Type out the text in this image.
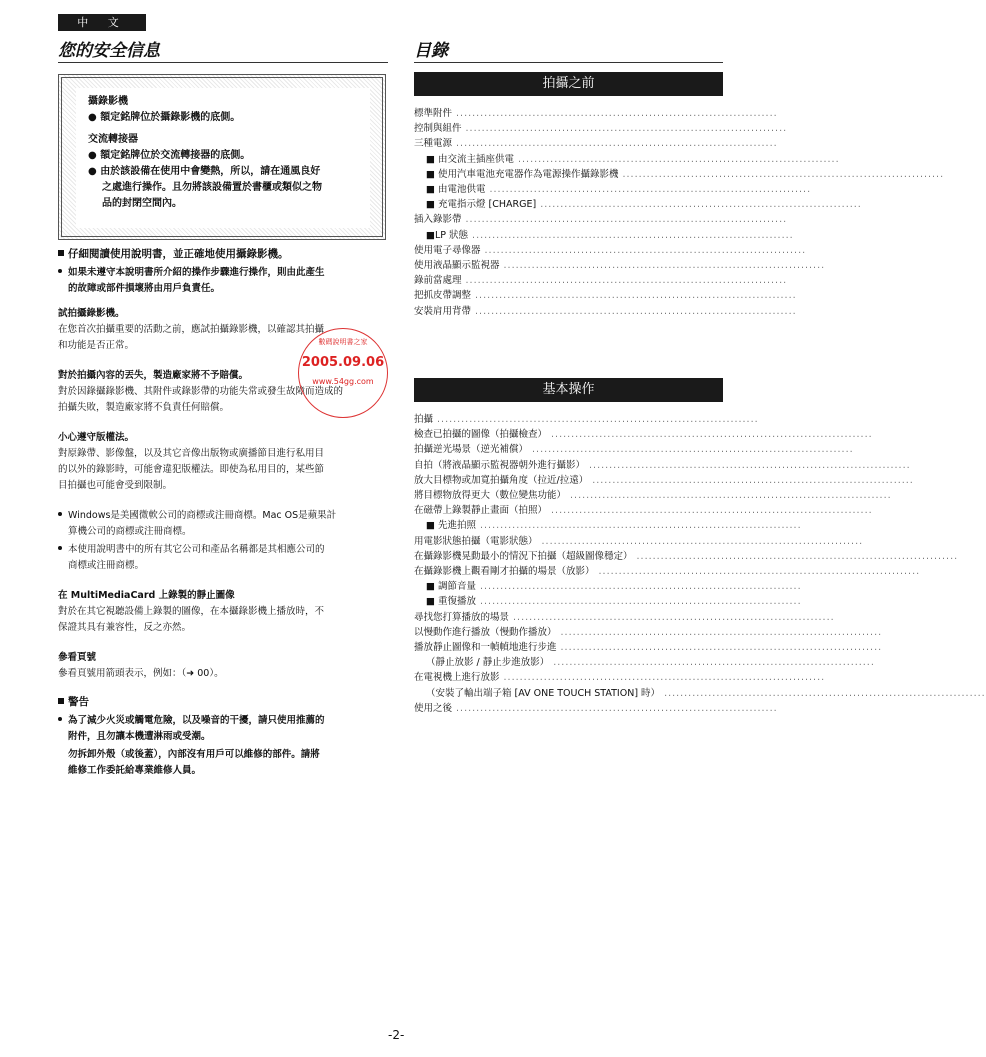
中 文
您的安全信息
攝錄影機
● 額定銘牌位於攝錄影機的底側。
交流轉接器
● 額定銘牌位於交流轉接器的底側。
● 由於該設備在使用中會變熱，所以，請在通風良好
之處進行操作。且勿將該設備置於書櫃或類似之物
品的封閉空間內。
仔細閱讀使用說明書，並正確地使用攝錄影機。
如果未遵守本說明書所介紹的操作步驟進行操作，則由此產生
的故障或部件損壞將由用戶負責任。
試拍攝錄影機。
在您首次拍攝重要的活動之前，應試拍攝錄影機，以確認其拍攝
和功能是否正常。
對於拍攝內容的丟失，製造廠家將不予賠償。
對於因錄攝錄影機、其附件或錄影帶的功能失常或發生故障而造成的
拍攝失敗，製造廠家將不負責任何賠償。
小心遵守版權法。
對原錄帶、影像盤，以及其它音像出版物或廣播節目進行私用目
的以外的錄影時，可能會違犯版權法。即使為私用目的，某些節
目拍攝也可能會受到限制。
Windows是美國微軟公司的商標或注冊商標。Mac OS是蘋果計
算機公司的商標或注冊商標。
本使用說明書中的所有其它公司和產品名稱都是其相應公司的
商標或注冊商標。
在 MultiMediaCard 上錄製的靜止圖像
對於在其它視聽設備上錄製的圖像，在本攝錄影機上播放時，不
保證其具有兼容性，反之亦然。
參看頁號
參看頁號用箭頭表示，例如：（➜ 00）。
警告
為了減少火災或觸電危險，以及噪音的干擾，請只使用推薦的
附件，且勿讓本機遭淋雨或受潮。
勿拆卸外殼（或後蓋），內部沒有用戶可以維修的部件。請將
維修工作委託給專業維修人員。
數碼說明書之家
2005.09.06
www.54gg.com
目錄
拍攝之前
標準附件 ................................................................................
控制與組件 ................................................................................
三種電源 ................................................................................
■ 由交流主插座供電 ................................................................................
■ 使用汽車電池充電器作為電源操作攝錄影機 ................................................................................
■ 由電池供電 ................................................................................
■ 充電指示燈 [CHARGE] ................................................................................
插入錄影帶 ................................................................................
■LP 狀態 ................................................................................
使用電子尋像器 ................................................................................
使用液晶顯示監視器 ................................................................................
錄前當處理 ................................................................................
把抓皮帶調整 ................................................................................
安裝肩用背帶 ................................................................................
基本操作
拍攝 ................................................................................
檢查已拍攝的圖像（拍攝檢查） ................................................................................
拍攝逆光場景（逆光補償） ................................................................................
自拍（將液晶顯示監視器朝外進行攝影） ................................................................................
放大目標物或加寬拍攝角度（拉近/拉遠） ................................................................................
將目標物放得更大（數位變焦功能） ................................................................................
在磁帶上錄製靜止畫面（拍照） ................................................................................
■ 先進拍照 ................................................................................
用電影狀態拍攝（電影狀態） ................................................................................
在攝錄影機晃動最小的情況下拍攝（超級圖像穩定） ................................................................................
在攝錄影機上觀看剛才拍攝的場景（放影） ................................................................................
■ 調節音量 ................................................................................
■ 重復播放 ................................................................................
尋找您打算播放的場景 ................................................................................
以慢動作進行播放（慢動作播放） ................................................................................
播放靜止圖像和一幀幀地進行步進 ................................................................................
（靜止放影 / 靜止步進放影） ................................................................................
在電視機上進行放影 ................................................................................
（安裝了輸出端子箱 [AV ONE TOUCH STATION] 時） ................................................................................
使用之後 ................................................................................
-2-
